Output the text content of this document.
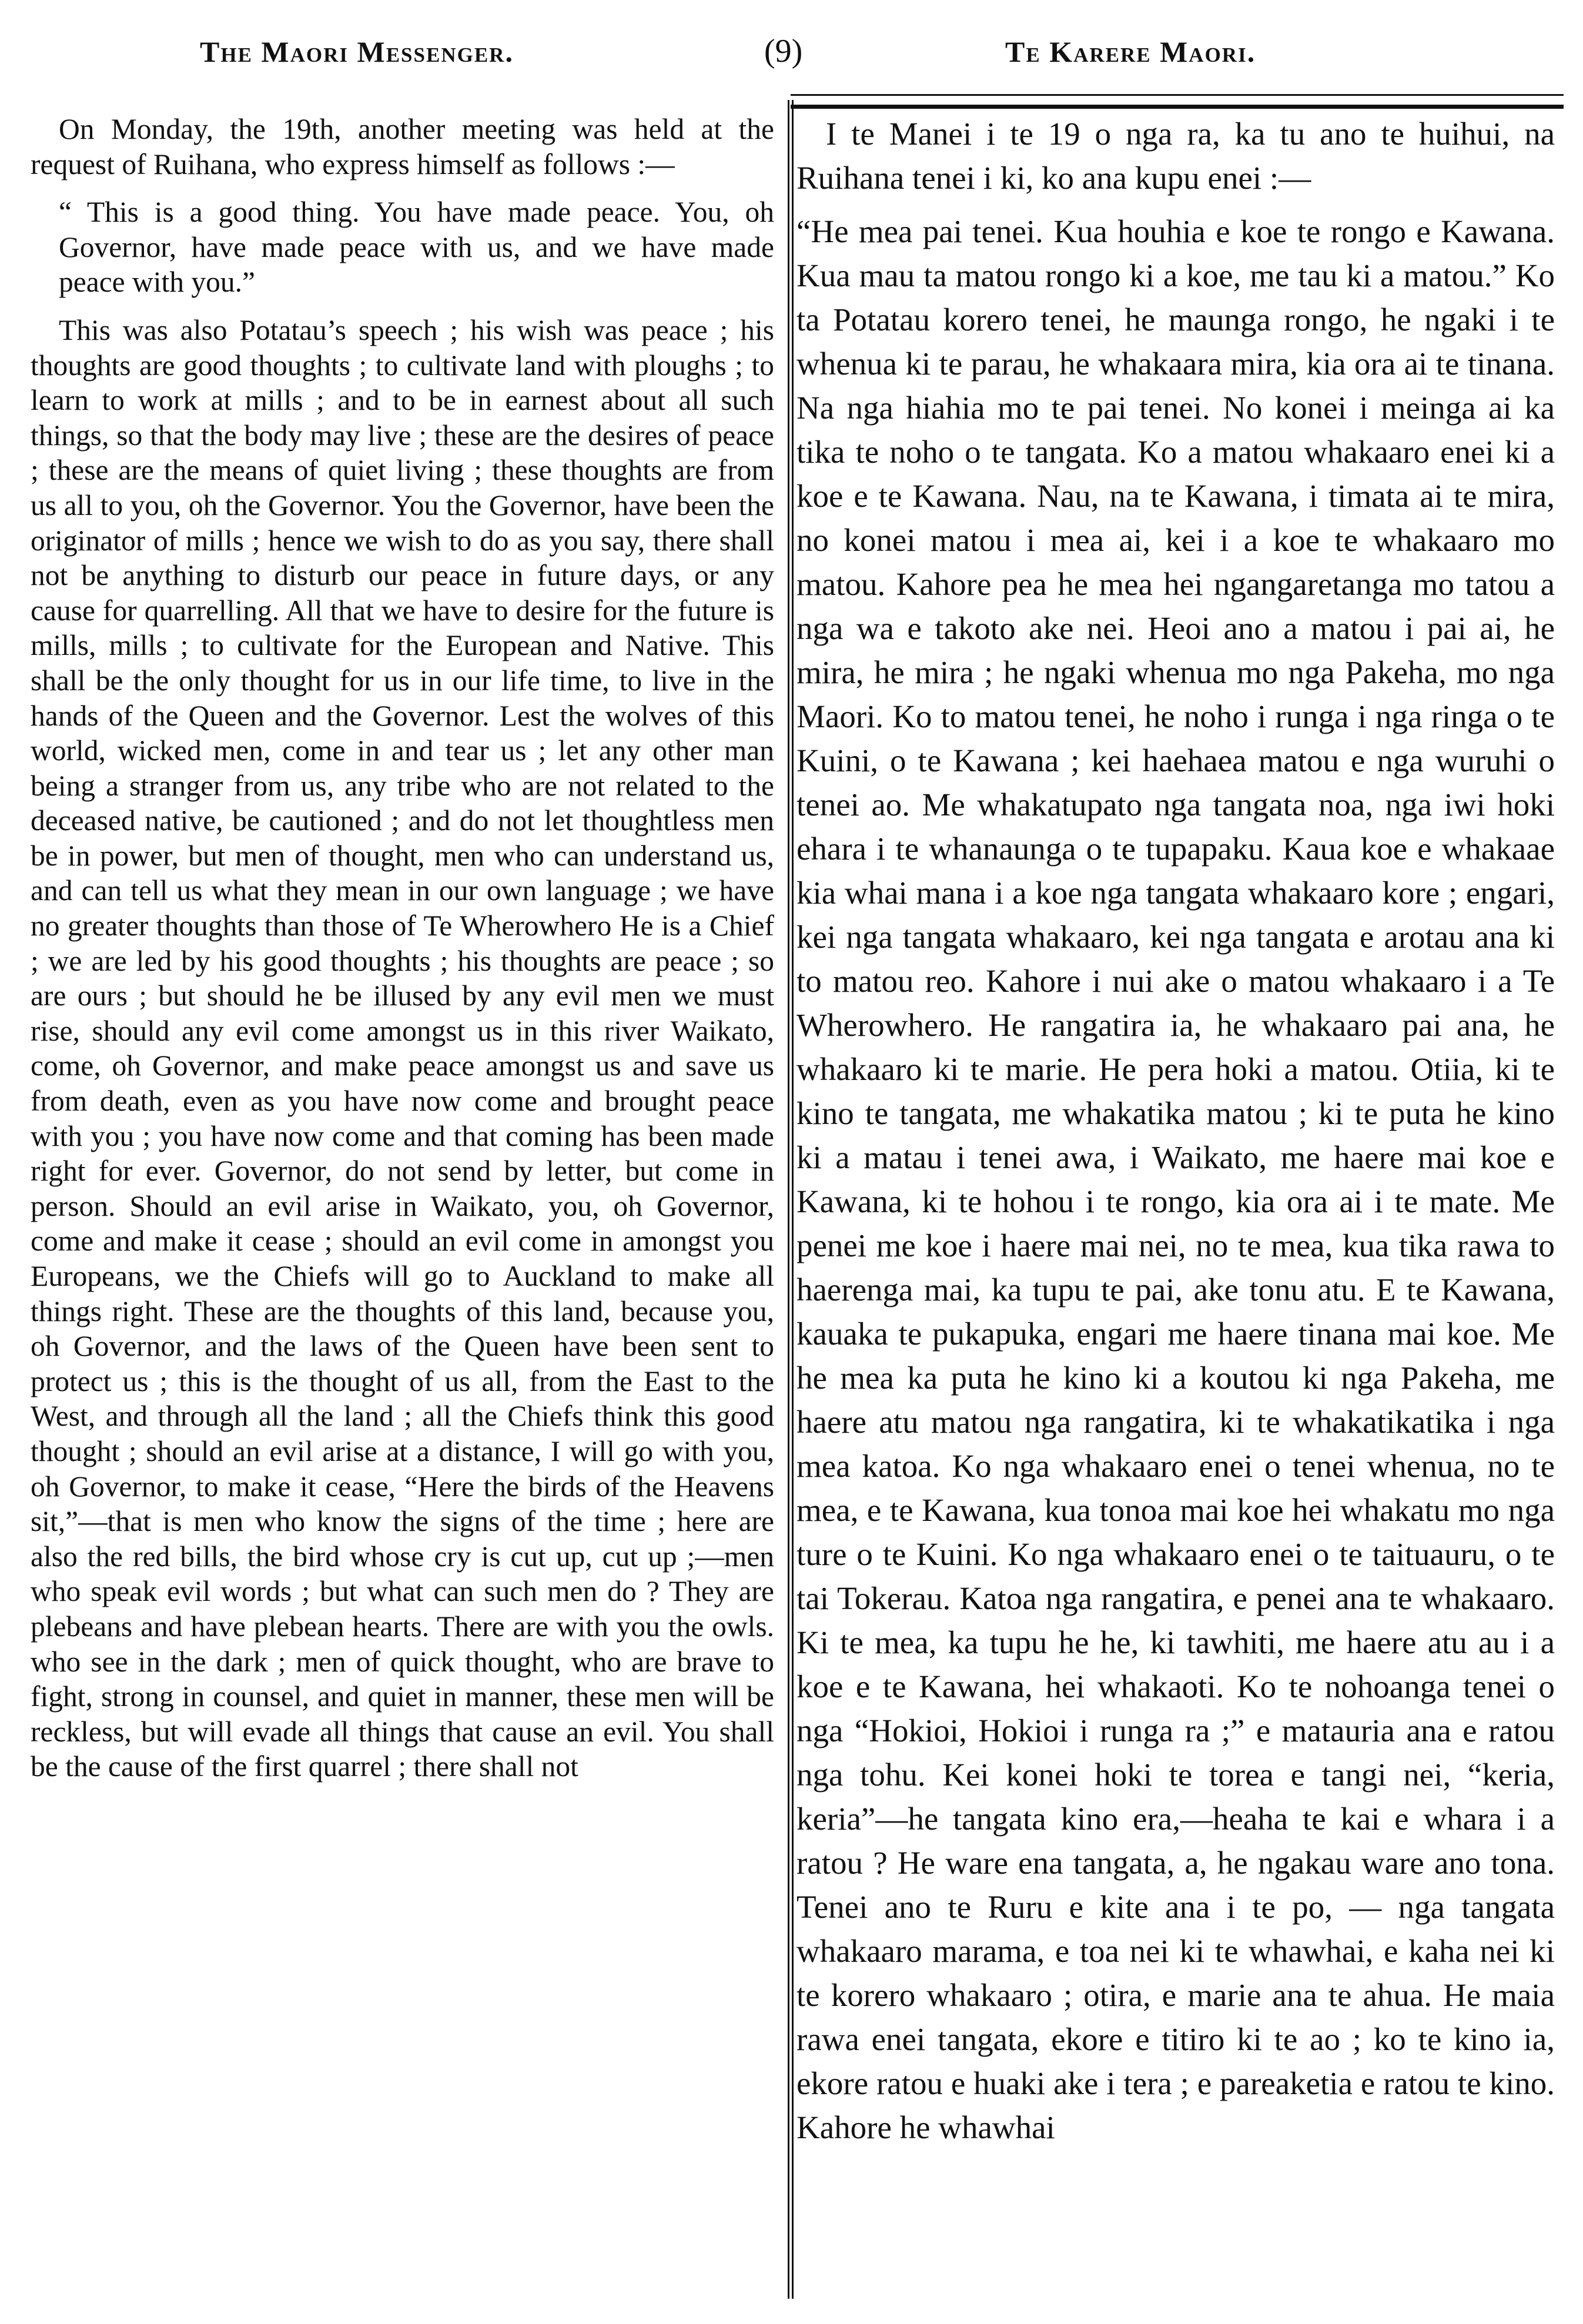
The Maori Messenger.	(9)	Te Karere Maori.

On Monday, the 19th, another meeting was held at the request of Ruihana, who express himself as follows :—

“ This is a good thing. You have made peace. You, oh Governor, have made peace with us, and we have made peace with you.”

This was also Potatau’s speech ; his wish was peace ; his thoughts are good thoughts ; to cultivate land with ploughs ; to learn to work at mills ; and to be in earnest about all such things, so that the body may live ; these are the desires of peace ; these are the means of quiet living ; these thoughts are from us all to you, oh the Governor. You the Governor, have been the originator of mills ; hence we wish to do as you say, there shall not be anything to disturb our peace in future days, or any cause for quarrelling. All that we have to desire for the future is mills, mills ; to cultivate for the European and Native. This shall be the only thought for us in our life time, to live in the hands of the Queen and the Governor. Lest the wolves of this world, wicked men, come in and tear us ; let any other man being a stranger from us, any tribe who are not related to the deceased native, be cautioned ; and do not let thoughtless men be in power, but men of thought, men who can understand us, and can tell us what they mean in our own language ; we have no greater thoughts than those of Te Wherowhero He is a Chief ; we are led by his good thoughts ; his thoughts are peace ; so are ours ; but should he be illused by any evil men we must rise, should any evil come amongst us in this river Waikato, come, oh Governor, and make peace amongst us and save us from death, even as you have now come and brought peace with you ; you have now come and that coming has been made right for ever. Governor, do not send by letter, but come in person. Should an evil arise in Waikato, you, oh Governor, come and make it cease ; should an evil come in amongst you Europeans, we the Chiefs will go to Auckland to make all things right. These are the thoughts of this land, because you, oh Governor, and the laws of the Queen have been sent to protect us ; this is the thought of us all, from the East to the West, and through all the land ; all the Chiefs think this good thought ; should an evil arise at a distance, I will go with you, oh Governor, to make it cease, “Here the birds of the Heavens sit,”—that is men who know the signs of the time ; here are also the red bills, the bird whose cry is cut up, cut up ;—men who speak evil words ; but what can such men do ? They are plebeans and have plebean hearts. There are with you the owls. who see in the dark ; men of quick thought, who are brave to fight, strong in counsel, and quiet in manner, these men will be reckless, but will evade all things that cause an evil. You shall be the cause of the first quarrel ; there shall not

I te Manei i te 19 o nga ra, ka tu ano te huihui, na Ruihana tenei i ki, ko ana kupu enei :—

“He mea pai tenei. Kua houhia e koe te rongo e Kawana. Kua mau ta matou rongo ki a koe, me tau ki a matou.” Ko ta Potatau korero tenei, he maunga rongo, he ngaki i te whenua ki te parau, he whakaara mira, kia ora ai te tinana. Na nga hiahia mo te pai tenei. No konei i meinga ai ka tika te noho o te tangata. Ko a matou whakaaro enei ki a koe e te Kawana. Nau, na te Kawana, i timata ai te mira, no konei matou i mea ai, kei i a koe te whakaaro mo matou. Kahore pea he mea hei ngangaretanga mo tatou a nga wa e takoto ake nei. Heoi ano a matou i pai ai, he mira, he mira ; he ngaki whenua mo nga Pakeha, mo nga Maori. Ko to matou tenei, he noho i runga i nga ringa o te Kuini, o te Kawana ; kei haehaea matou e nga wuruhi o tenei ao. Me whakatupato nga tangata noa, nga iwi hoki ehara i te whanaunga o te tupapaku. Kaua koe e whakaae kia whai mana i a koe nga tangata whakaaro kore ; engari, kei nga tangata whakaaro, kei nga tangata e arotau ana ki to matou reo. Kahore i nui ake o matou whakaaro i a Te Wherowhero. He rangatira ia, he whakaaro pai ana, he whakaaro ki te marie. He pera hoki a matou. Otiia, ki te kino te tangata, me whakatika matou ; ki te puta he kino ki a matau i tenei awa, i Waikato, me haere mai koe e Kawana, ki te hohou i te rongo, kia ora ai i te mate. Me penei me koe i haere mai nei, no te mea, kua tika rawa to haerenga mai, ka tupu te pai, ake tonu atu. E te Kawana, kauaka te pukapuka, engari me haere tinana mai koe. Me he mea ka puta he kino ki a koutou ki nga Pakeha, me haere atu matou nga rangatira, ki te whakatikatika i nga mea katoa. Ko nga whakaaro enei o tenei whenua, no te mea, e te Kawana, kua tonoa mai koe hei whakatu mo nga ture o te Kuini. Ko nga whakaaro enei o te taituauru, o te tai Tokerau. Katoa nga rangatira, e penei ana te whakaaro. Ki te mea, ka tupu he he, ki tawhiti, me haere atu au i a koe e te Kawana, hei whakaoti. Ko te nohoanga tenei o nga “Hokioi, Hokioi i runga ra ;” e matauria ana e ratou nga tohu. Kei konei hoki te torea e tangi nei, “keria, keria”—he tangata kino era,—heaha te kai e whara i a ratou ? He ware ena tangata, a, he ngakau ware ano tona. Tenei ano te Ruru e kite ana i te po, — nga tangata whakaaro marama, e toa nei ki te whawhai, e kaha nei ki te korero whakaaro ; otira, e marie ana te ahua. He maia rawa enei tangata, ekore e titiro ki te ao ; ko te kino ia, ekore ratou e huaki ake i tera ; e pareaketia e ratou te kino. Kahore he whawhai
